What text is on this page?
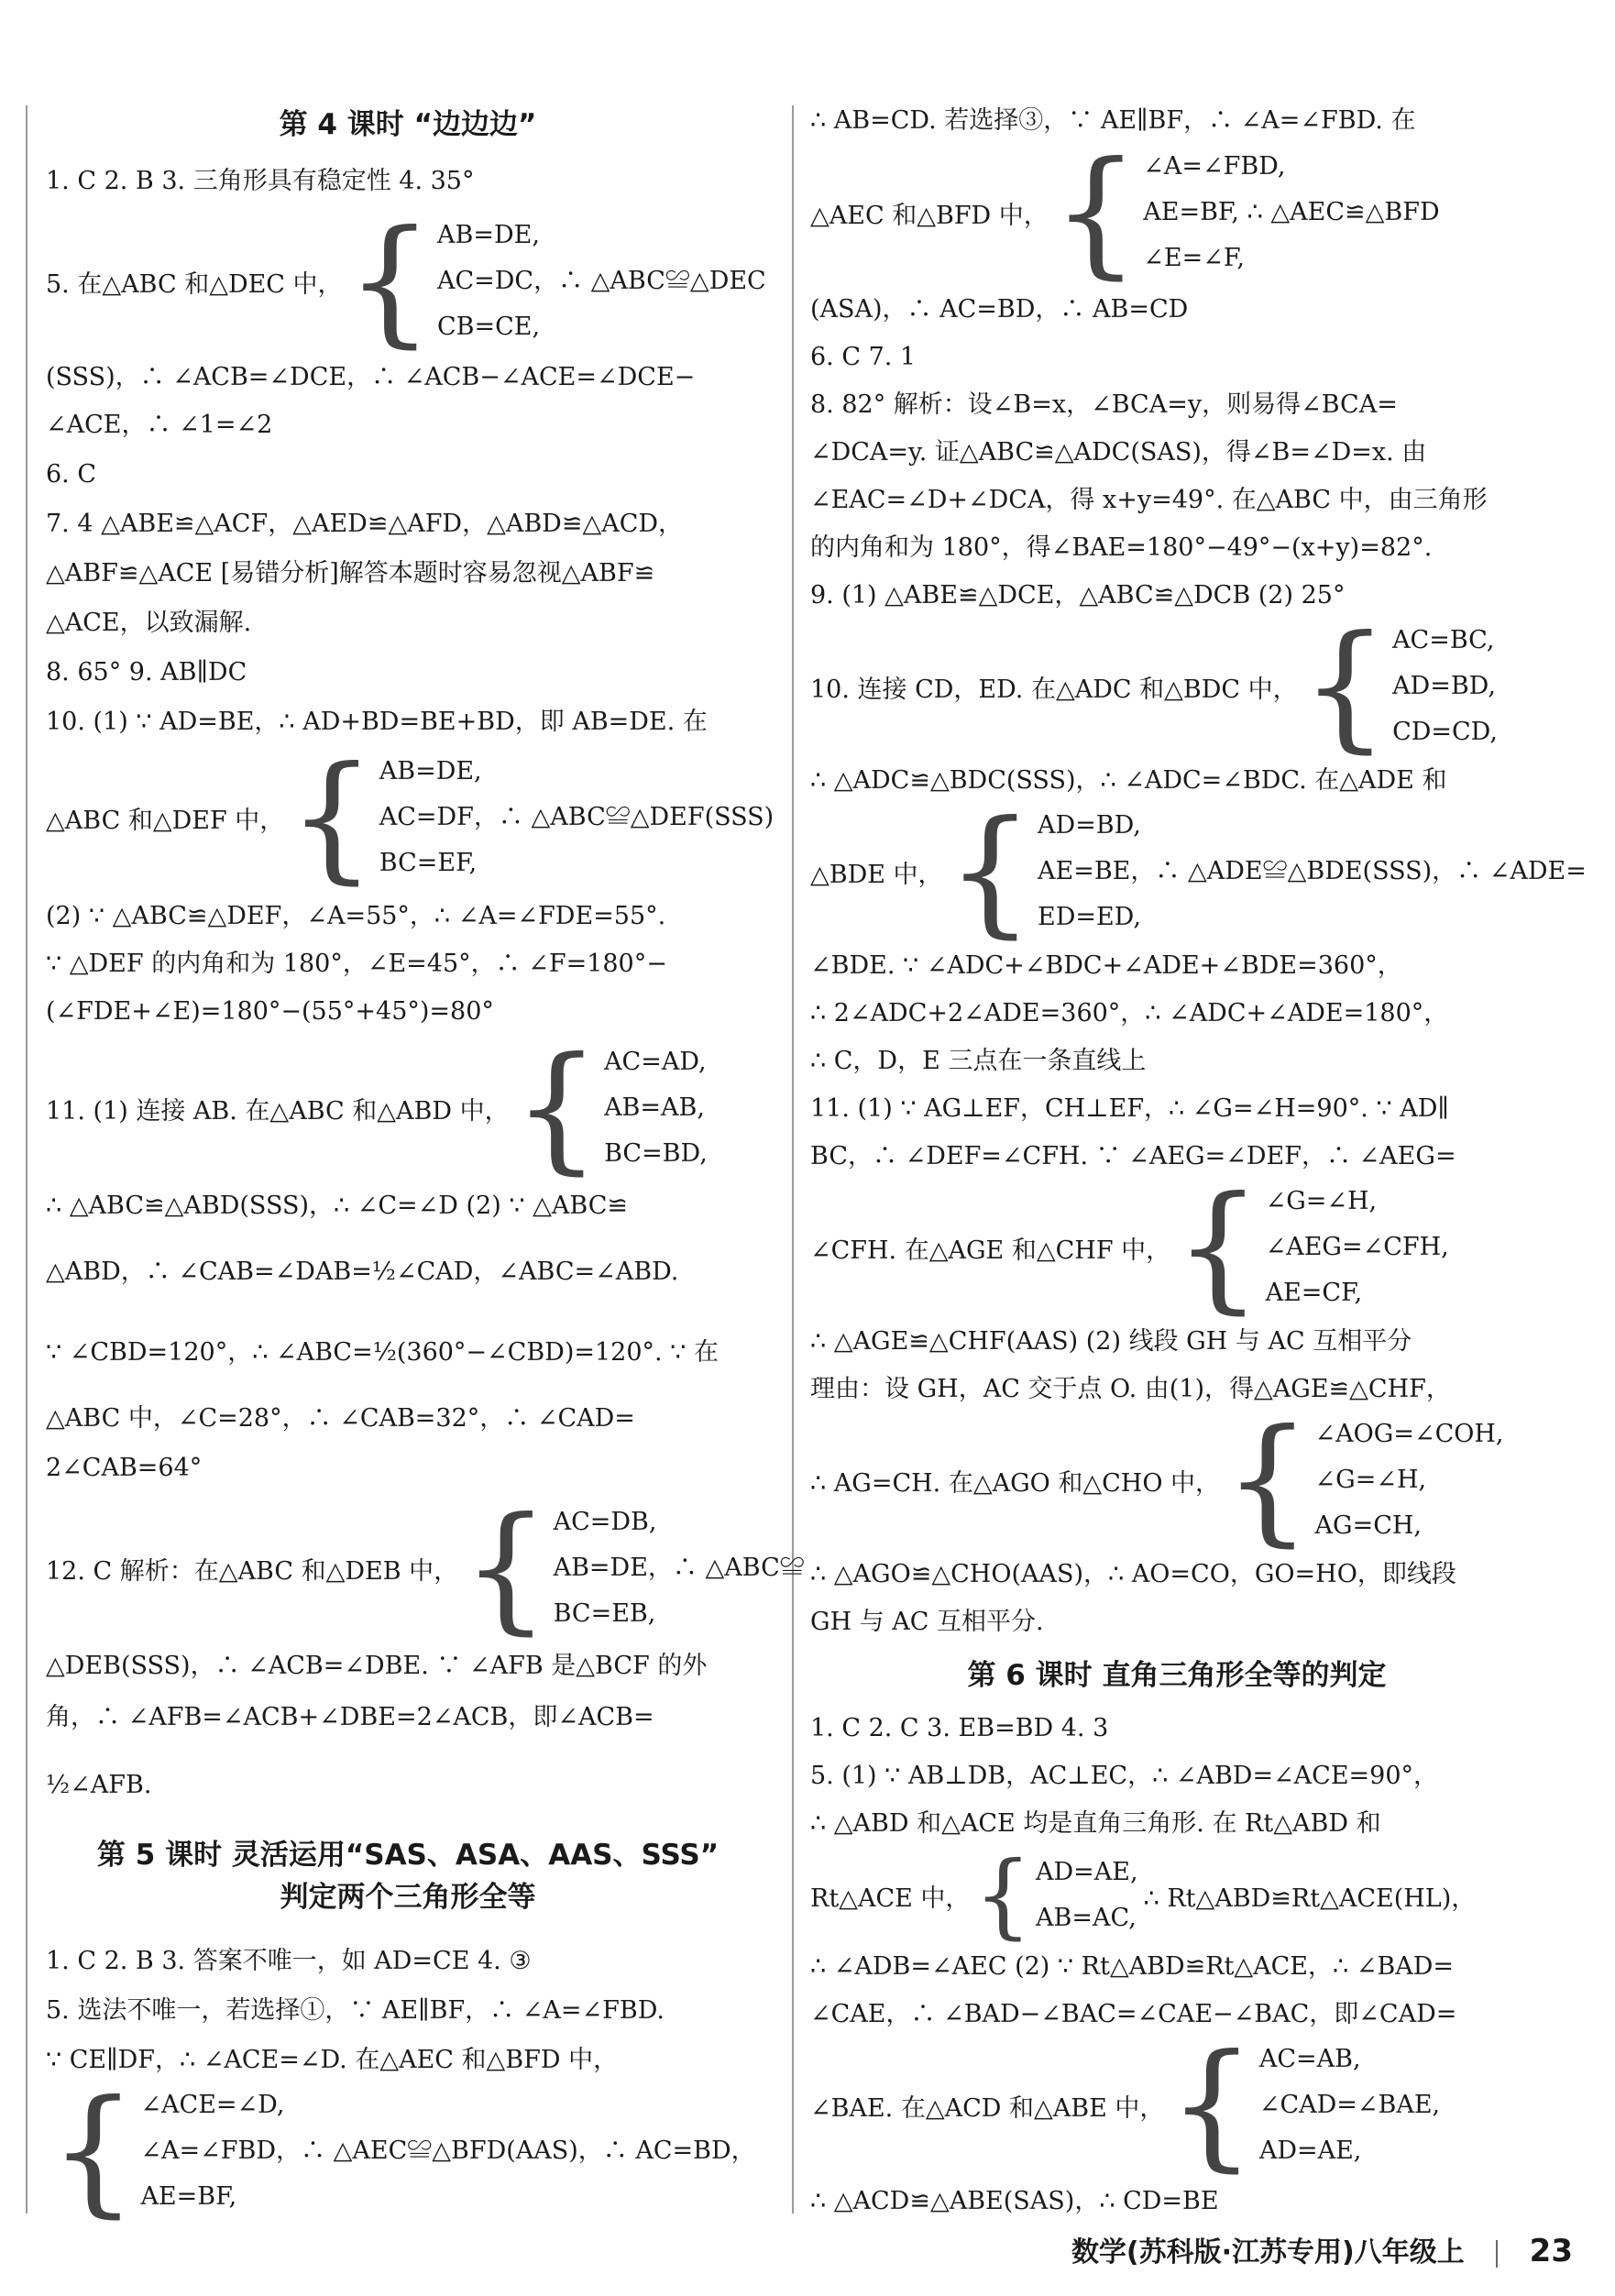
第 4 课时 “边边边”
1. C 2. B 3. 三角形具有稳定性 4. 35°
5. 在△ABC 和△DEC 中， { AB=DE,
AC=DC，∴ △ABC≌△DEC
CB=CE,
(SSS)，∴ ∠ACB=∠DCE，∴ ∠ACB−∠ACE=∠DCE−
∠ACE，∴ ∠1=∠2
6. C
7. 4 △ABE≌△ACF，△AED≌△AFD，△ABD≌△ACD，
△ABF≌△ACE [易错分析]解答本题时容易忽视△ABF≌
△ACE，以致漏解.
8. 65° 9. AB∥DC
10. (1) ∵ AD=BE，∴ AD+BD=BE+BD，即 AB=DE. 在
△ABC 和△DEF 中， { AB=DE,
AC=DF，∴ △ABC≌△DEF(SSS)
BC=EF,
(2) ∵ △ABC≌△DEF，∠A=55°，∴ ∠A=∠FDE=55°.
∵ △DEF 的内角和为 180°，∠E=45°，∴ ∠F=180°−
(∠FDE+∠E)=180°−(55°+45°)=80°
11. (1) 连接 AB. 在△ABC 和△ABD 中， { AC=AD,
AB=AB,
BC=BD,
∴ △ABC≌△ABD(SSS)，∴ ∠C=∠D (2) ∵ △ABC≌
△ABD，∴ ∠CAB=∠DAB=½∠CAD，∠ABC=∠ABD.
∵ ∠CBD=120°，∴ ∠ABC=½(360°−∠CBD)=120°. ∵ 在
△ABC 中，∠C=28°，∴ ∠CAB=32°，∴ ∠CAD=
2∠CAB=64°
12. C 解析：在△ABC 和△DEB 中， { AC=DB,
AB=DE，∴ △ABC≌
BC=EB,
△DEB(SSS)，∴ ∠ACB=∠DBE. ∵ ∠AFB 是△BCF 的外
角，∴ ∠AFB=∠ACB+∠DBE=2∠ACB，即∠ACB=
½∠AFB.
第 5 课时 灵活运用“SAS、ASA、AAS、SSS”
判定两个三角形全等
1. C 2. B 3. 答案不唯一，如 AD=CE 4. ③
5. 选法不唯一，若选择①，∵ AE∥BF，∴ ∠A=∠FBD.
∵ CE∥DF，∴ ∠ACE=∠D. 在△AEC 和△BFD 中，
{ ∠ACE=∠D,
∠A=∠FBD，∴ △AEC≌△BFD(AAS)，∴ AC=BD，
AE=BF,
∴ AB=CD. 若选择③，∵ AE∥BF，∴ ∠A=∠FBD. 在
△AEC 和△BFD 中， { ∠A=∠FBD,
AE=BF, ∴ △AEC≌△BFD
∠E=∠F,
(ASA)，∴ AC=BD，∴ AB=CD
6. C 7. 1
8. 82° 解析：设∠B=x，∠BCA=y，则易得∠BCA=
∠DCA=y. 证△ABC≌△ADC(SAS)，得∠B=∠D=x. 由
∠EAC=∠D+∠DCA，得 x+y=49°. 在△ABC 中，由三角形
的内角和为 180°，得∠BAE=180°−49°−(x+y)=82°.
9. (1) △ABE≌△DCE，△ABC≌△DCB (2) 25°
10. 连接 CD，ED. 在△ADC 和△BDC 中， { AC=BC,
AD=BD,
CD=CD,
∴ △ADC≌△BDC(SSS)，∴ ∠ADC=∠BDC. 在△ADE 和
△BDE 中， { AD=BD,
AE=BE，∴ △ADE≌△BDE(SSS)，∴ ∠ADE=
ED=ED,
∠BDE. ∵ ∠ADC+∠BDC+∠ADE+∠BDE=360°，
∴ 2∠ADC+2∠ADE=360°，∴ ∠ADC+∠ADE=180°，
∴ C，D，E 三点在一条直线上
11. (1) ∵ AG⊥EF，CH⊥EF，∴ ∠G=∠H=90°. ∵ AD∥
BC，∴ ∠DEF=∠CFH. ∵ ∠AEG=∠DEF，∴ ∠AEG=
∠CFH. 在△AGE 和△CHF 中， { ∠G=∠H,
∠AEG=∠CFH,
AE=CF,
∴ △AGE≌△CHF(AAS) (2) 线段 GH 与 AC 互相平分
理由：设 GH，AC 交于点 O. 由(1)，得△AGE≌△CHF，
∴ AG=CH. 在△AGO 和△CHO 中， { ∠AOG=∠COH,
∠G=∠H,
AG=CH,
∴ △AGO≌△CHO(AAS)，∴ AO=CO，GO=HO，即线段
GH 与 AC 互相平分.
第 6 课时 直角三角形全等的判定
1. C 2. C 3. EB=BD 4. 3
5. (1) ∵ AB⊥DB，AC⊥EC，∴ ∠ABD=∠ACE=90°，
∴ △ABD 和△ACE 均是直角三角形. 在 Rt△ABD 和
Rt△ACE 中， { AD=AE,
AB=AC,
∴ Rt△ABD≌Rt△ACE(HL)，
∴ ∠ADB=∠AEC (2) ∵ Rt△ABD≌Rt△ACE，∴ ∠BAD=
∠CAE，∴ ∠BAD−∠BAC=∠CAE−∠BAC，即∠CAD=
∠BAE. 在△ACD 和△ABE 中， { AC=AB,
∠CAD=∠BAE,
AD=AE,
∴ △ACD≌△ABE(SAS)，∴ CD=BE
数学(苏科版·江苏专用)八年级上 23
